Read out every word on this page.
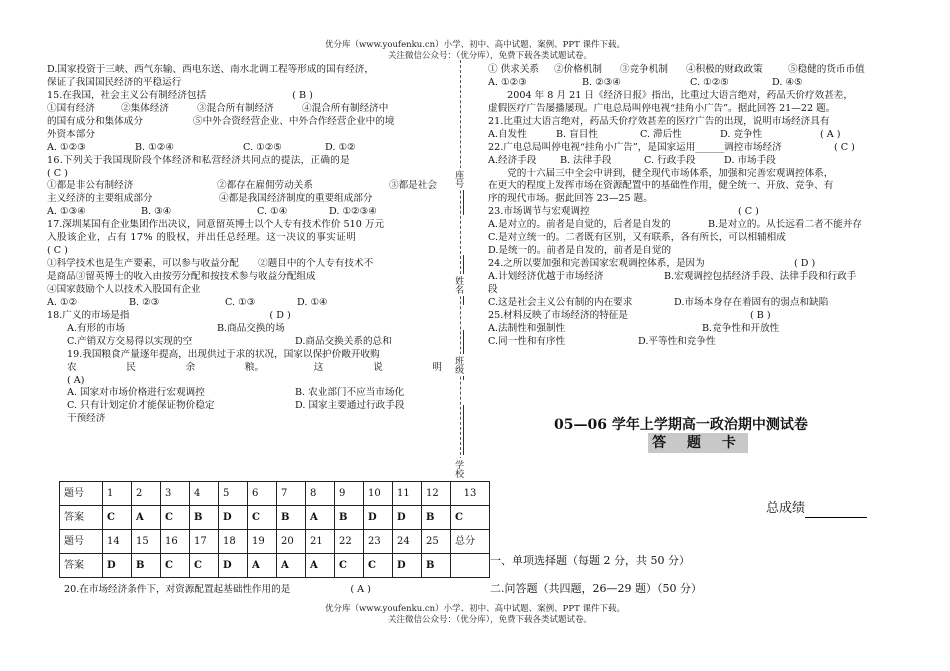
优分库（www.youfenku.cn）小学、初中、高中试题、案例、PPT 课件下载。
关注微信公众号：（优分库），免费下载各类试题试卷。
D.国家投资于三峡、西气东输、西电东送、南水北调工程等形成的国有经济，
保证了我国国民经济的平稳运行
15.在我国，社会主义公有制经济包括	( B )
①国有经济	②集体经济	③混合所有制经济	④混合所有制经济中
的国有成分和集体成分	⑤中外合资经营企业、中外合作经营企业中的境
外资本部分
A. ①②③	B. ①②④	C. ①②⑤	D. ①②
16.下列关于我国现阶段个体经济和私营经济共同点的提法，正确的是
( C )
①都是非公有制经济	②都存在雇佣劳动关系	③都是社会
主义经济的主要组成部分	④都是我国经济制度的重要组成部分
A. ①③④	B. ③④	C. ①④	D. ①②③④
17.深圳某国有企业集团作出决议，同意留英博士以个人专有技术作价 510 万元
入股该企业，占有 17% 的股权，并出任总经理。这一决议的事实证明
( C )
①科学技术也是生产要素，可以参与收益分配　　②题目中的个人专有技术不
是商品③留英博士的收入由按劳分配和按技术参与收益分配组成
④国家鼓励个人以技术入股国有企业
A. ①②	B. ②③	C. ①③	D. ①④
18.广义的市场是指	( D )
A.有形的市场	B.商品交换的场
C.产销双方交易得以实现的空	D.商品交换关系的总和
19.我国粮食产量逐年提高，出现供过于求的状况，国家以保护价敞开收购
农	民	余	粮。	这	说	明
( A)
A. 国家对市场价格进行宏观调控	B. 农业部门不应当市场化
C. 只有计划定价才能保证物价稳定	D. 国家主要通过行政手段
干预经济
座号
姓名
班级
学校
题号	1	2	3	4	5	6	7	8	9	10	11	12	13
答案	C	A	C	B	D	C	B	A	B	D	D	B	C
题号	14	15	16	17	18	19	20	21	22	23	24	25	总分
答案	D	B	C	C	D	A	A	A	C	C	D	B	
20.在市场经济条件下，对资源配置起基础性作用的是	( A )
① 供求关系	②价格机制	③竞争机制	④积极的财政政策	⑤稳健的货币币值
A. ①②③	B. ②③④	C. ①②⑤	D. ④⑤
　　2004 年 8 月 21 日《经济日报》指出，比重过大语言绝对，药品夭价疗效甚差，
虚假医疗广告屡播屡现。广电总局叫停电视“挂角小广告”。据此回答 21—22 题。
21.比重过大语言绝对，药品夭价疗效甚差的医疗广告的出现，说明市场经济具有
A.自发性	B. 盲目性	C. 滞后性	D. 竞争性	( A )
22.广电总局叫停电视“挂角小广告”，是国家运用______调控市场经济	( C )
A.经济手段	B. 法律手段	C. 行政手段	D. 市场手段
　　党的十六届三中全会中讲到，健全现代市场体系，加强和完善宏观调控体系，
在更大的程度上发挥市场在资源配置中的基础性作用，健全统一、开放、竞争、有
序的现代市场。据此回答 23—25 题。
23.市场调节与宏观调控	( C )
A.是对立的。前者是自觉的，后者是自发的	B.是对立的。从长远看二者不能并存
C.是对立统一的。二者既有区别，又有联系，各有所长，可以相辅相成
D.是统一的。前者是自发的，前者是自觉的
24.之所以要加强和完善国家宏观调控体系，是因为	( D )
A.计划经济优越于市场经济	B.宏观调控包括经济手段、法律手段和行政手
段
C.这是社会主义公有制的内在要求	D.市场本身存在着固有的弱点和缺陷
25.材料反映了市场经济的特征是	( B )
A.法制性和强制性	B.竞争性和开放性
C.同一性和有序性	D.平等性和竞争性
05—06 学年上学期高一政治期中测试卷
答 题 卡
总成绩
一、单项选择题（每题 2 分，共 50 分）
二.问答题（共四题，26—29 题）（50 分）
优分库（www.youfenku.cn）小学、初中、高中试题、案例、PPT 课件下载。
关注微信公众号：（优分库），免费下载各类试题试卷。
